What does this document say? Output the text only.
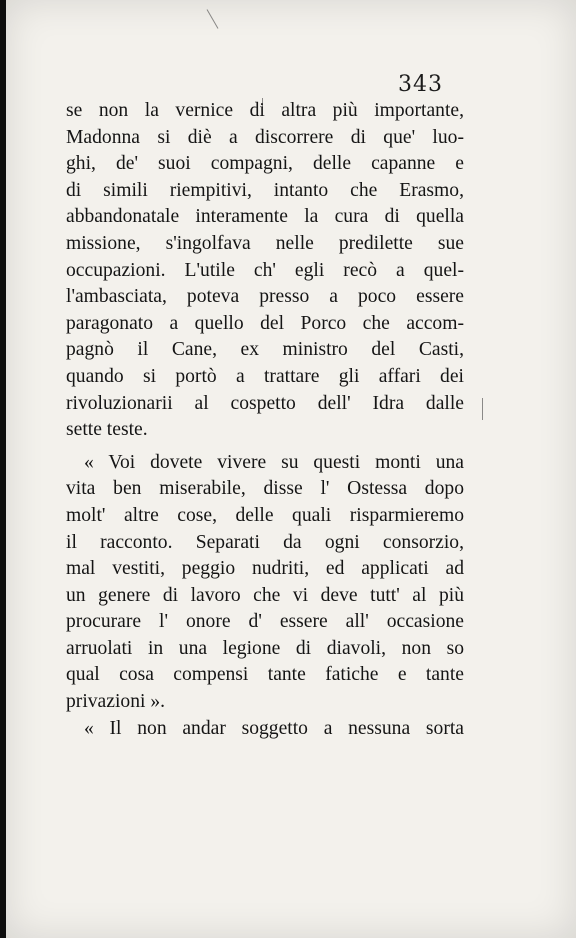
343
se non la vernice di altra più importante,
Madonna si diè a discorrere di que' luo-
ghi, de' suoi compagni, delle capanne e
di simili riempitivi, intanto che Erasmo,
abbandonatale interamente la cura di quella
missione, s'ingolfava nelle predilette sue
occupazioni. L'utile ch' egli recò a quel-
l'ambasciata, poteva presso a poco essere
paragonato a quello del Porco che accom-
pagnò il Cane, ex ministro del Casti,
quando si portò a trattare gli affari dei
rivoluzionarii al cospetto dell' Idra dalle
sette teste.
« Voi dovete vivere su questi monti una
vita ben miserabile, disse l' Ostessa dopo
molt' altre cose, delle quali risparmieremo
il racconto. Separati da ogni consorzio,
mal vestiti, peggio nudriti, ed applicati ad
un genere di lavoro che vi deve tutt' al più
procurare l' onore d' essere all' occasione
arruolati in una legione di diavoli, non so
qual cosa compensi tante fatiche e tante
privazioni ».
« Il non andar soggetto a nessuna sorta
